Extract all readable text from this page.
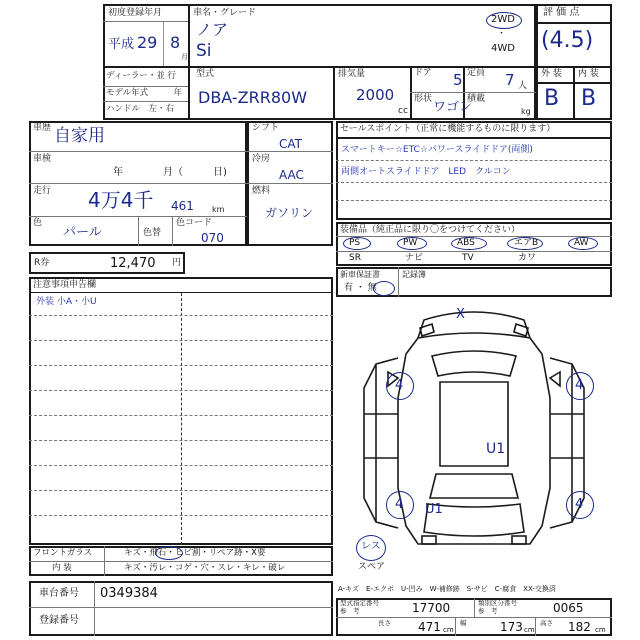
初度登録年月
平成 29 8
月
車名・グレード
ノア
Si
2WD
・
4WD
ディーラー・並 行
モデル年式　　　年
ハンドル　左・右
型式
DBA-ZRR80W
排気量
2000
cc
ドア 5 定員 7 人
形状
ワゴン
積載
kg
評 価 点
(4.5)
外 装 内 装
B B
車歴 自家用
車検
年　　　　月（　　　日)
走行 4万4千 461 km
色
パール	色替
色コード
070
シフト
CAT
冷房
AAC
燃料
ガソリン
セールスポイント（正常に機能するものに限ります）
スマートキー☆ETC☆パワースライドドア(両側)
両側オートスライドドア　LED　クルコン
装備品（純正品に限り〇をつけてください）
PS	PW	ABS	エアB	AW
SR	ナビ	TV	カワ
新車保証書
有 ・ 無
記録簿
R券	12,470 円
注意事項申告欄
外装 小A・小U
フロントガラス	キズ・飛石・ヒビ割・リペア跡・X要
内 装	キズ・汚レ・コゲ・穴・スレ・キレ・破レ
車台番号 0349384
登録番号
X
4	4
U1
4 U1	4
レス
スペア
A-キズ　E-エクボ　U-凹み　W-補修跡　S-サビ　C-腐食　XX-交換済
型式指定番号
参　考	17700	類別区分番号
参　考	0065
長さ 471 cm
幅	173 cm
高さ 182 cm
